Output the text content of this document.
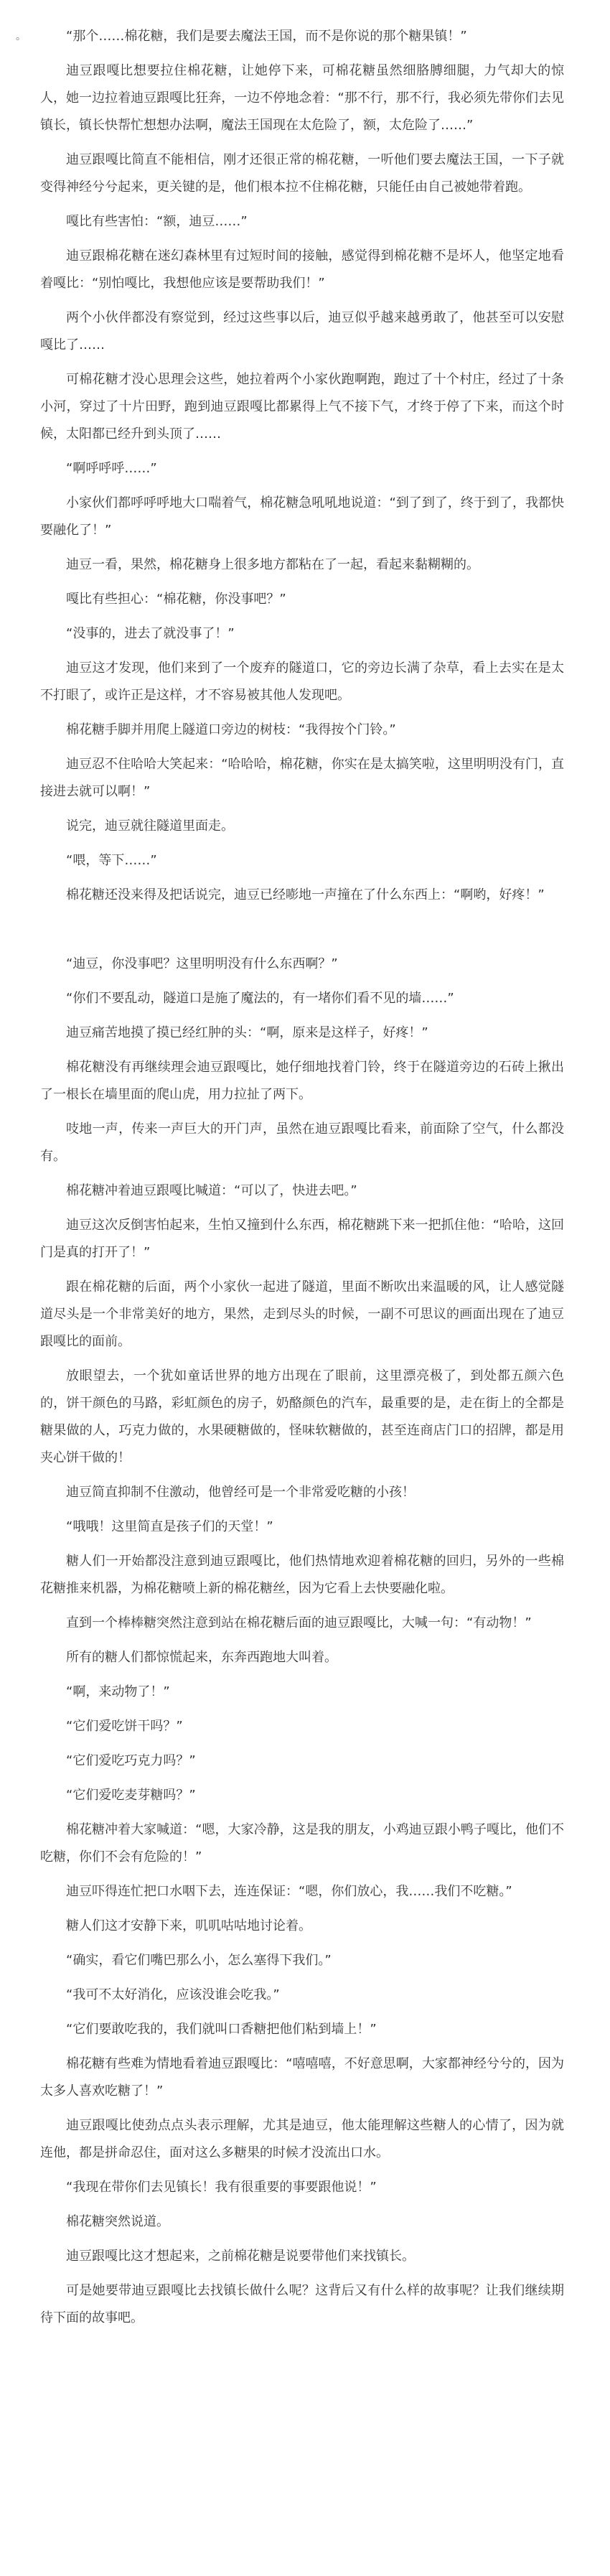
。	“那个……棉花糖，我们是要去魔法王国，而不是你说的那个糖果镇！”

迪豆跟嘎比想要拉住棉花糖，让她停下来，可棉花糖虽然细胳膊细腿，力气却大的惊人，她一边拉着迪豆跟嘎比狂奔，一边不停地念着：“那不行，那不行，我必须先带你们去见镇长，镇长快帮忙想想办法啊，魔法王国现在太危险了，额，太危险了……”

迪豆跟嘎比简直不能相信，刚才还很正常的棉花糖，一听他们要去魔法王国，一下子就变得神经兮兮起来，更关键的是，他们根本拉不住棉花糖，只能任由自己被她带着跑。

嘎比有些害怕：“额，迪豆……”

迪豆跟棉花糖在迷幻森林里有过短时间的接触，感觉得到棉花糖不是坏人，他坚定地看着嘎比：“别怕嘎比，我想他应该是要帮助我们！”

两个小伙伴都没有察觉到，经过这些事以后，迪豆似乎越来越勇敢了，他甚至可以安慰嘎比了……

可棉花糖才没心思理会这些，她拉着两个小家伙跑啊跑，跑过了十个村庄，经过了十条小河，穿过了十片田野，跑到迪豆跟嘎比都累得上气不接下气，才终于停了下来，而这个时候，太阳都已经升到头顶了……

“啊呼呼呼……”

小家伙们都呼呼呼地大口喘着气，棉花糖急吼吼地说道：“到了到了，终于到了，我都快要融化了！”

迪豆一看，果然，棉花糖身上很多地方都粘在了一起，看起来黏糊糊的。

嘎比有些担心：“棉花糖，你没事吧？”

“没事的，进去了就没事了！”

迪豆这才发现，他们来到了一个废弃的隧道口，它的旁边长满了杂草，看上去实在是太不打眼了，或许正是这样，才不容易被其他人发现吧。

棉花糖手脚并用爬上隧道口旁边的树枝：“我得按个门铃。”

迪豆忍不住哈哈大笑起来：“哈哈哈，棉花糖，你实在是太搞笑啦，这里明明没有门，直接进去就可以啊！”

说完，迪豆就往隧道里面走。

“喂，等下……”

棉花糖还没来得及把话说完，迪豆已经嘭地一声撞在了什么东西上：“啊哟，好疼！”

“迪豆，你没事吧？这里明明没有什么东西啊？”

“你们不要乱动，隧道口是施了魔法的，有一堵你们看不见的墙……”

迪豆痛苦地摸了摸已经红肿的头：“啊，原来是这样子，好疼！”

棉花糖没有再继续理会迪豆跟嘎比，她仔细地找着门铃，终于在隧道旁边的石砖上揪出了一根长在墙里面的爬山虎，用力拉扯了两下。

吱地一声，传来一声巨大的开门声，虽然在迪豆跟嘎比看来，前面除了空气，什么都没有。

棉花糖冲着迪豆跟嘎比喊道：“可以了，快进去吧。”

迪豆这次反倒害怕起来，生怕又撞到什么东西，棉花糖跳下来一把抓住他：“哈哈，这回门是真的打开了！”

跟在棉花糖的后面，两个小家伙一起进了隧道，里面不断吹出来温暖的风，让人感觉隧道尽头是一个非常美好的地方，果然，走到尽头的时候，一副不可思议的画面出现在了迪豆跟嘎比的面前。

放眼望去，一个犹如童话世界的地方出现在了眼前，这里漂亮极了，到处都五颜六色的，饼干颜色的马路，彩虹颜色的房子，奶酪颜色的汽车，最重要的是，走在街上的全都是糖果做的人，巧克力做的，水果硬糖做的，怪味软糖做的，甚至连商店门口的招牌，都是用夹心饼干做的！

迪豆简直抑制不住激动，他曾经可是一个非常爱吃糖的小孩！

“哦哦！这里简直是孩子们的天堂！”

糖人们一开始都没注意到迪豆跟嘎比，他们热情地欢迎着棉花糖的回归，另外的一些棉花糖推来机器，为棉花糖喷上新的棉花糖丝，因为它看上去快要融化啦。

直到一个棒棒糖突然注意到站在棉花糖后面的迪豆跟嘎比，大喊一句：“有动物！”

所有的糖人们都惊慌起来，东奔西跑地大叫着。

“啊，来动物了！”

“它们爱吃饼干吗？”

“它们爱吃巧克力吗？”

“它们爱吃麦芽糖吗？”

棉花糖冲着大家喊道：“嗯，大家冷静，这是我的朋友，小鸡迪豆跟小鸭子嘎比，他们不吃糖，你们不会有危险的！”

迪豆吓得连忙把口水咽下去，连连保证：“嗯，你们放心，我……我们不吃糖。”

糖人们这才安静下来，叽叽咕咕地讨论着。

“确实，看它们嘴巴那么小，怎么塞得下我们。”

“我可不太好消化，应该没谁会吃我。”

“它们要敢吃我的，我们就叫口香糖把他们粘到墙上！”

棉花糖有些难为情地看着迪豆跟嘎比：“嘻嘻嘻，不好意思啊，大家都神经兮兮的，因为太多人喜欢吃糖了！”

迪豆跟嘎比使劲点点头表示理解，尤其是迪豆，他太能理解这些糖人的心情了，因为就连他，都是拼命忍住，面对这么多糖果的时候才没流出口水。

“我现在带你们去见镇长！我有很重要的事要跟他说！”

棉花糖突然说道。

迪豆跟嘎比这才想起来，之前棉花糖是说要带他们来找镇长。

可是她要带迪豆跟嘎比去找镇长做什么呢？这背后又有什么样的故事呢？让我们继续期待下面的故事吧。
